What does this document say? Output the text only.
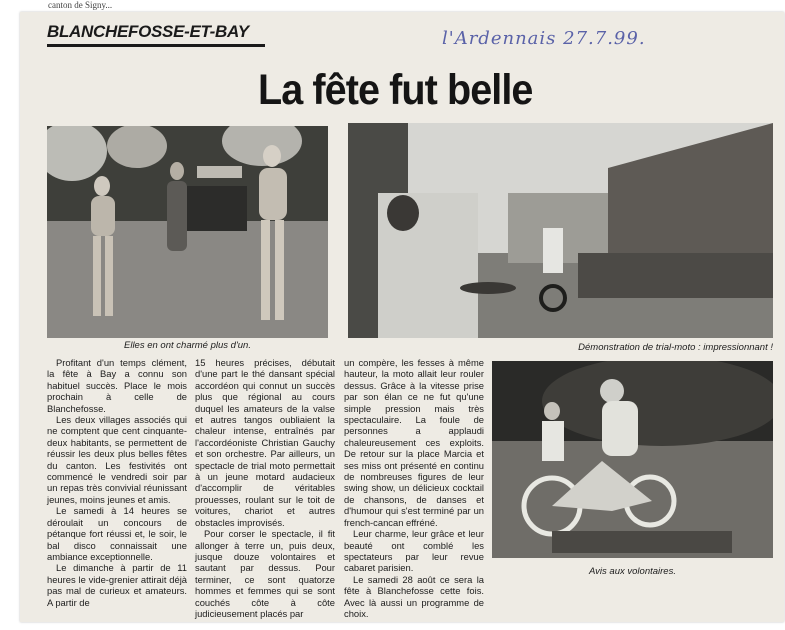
canton de Signy...
BLANCHEFOSSE-ET-BAY	l'Ardennais 27.7.99.
La fête fut belle
Elles en ont charmé plus d'un.	Démonstration de trial-moto : impressionnant !
Avis aux volontaires.

Profitant d'un temps clément, la fête à Bay a connu son habituel succès. Place le mois prochain à celle de Blanchefosse.

Les deux villages associés qui ne comptent que cent cinquante-deux habitants, se permettent de réussir les deux plus belles fêtes du canton. Les festivités ont commencé le vendredi soir par un repas très convivial réunissant jeunes, moins jeunes et amis.

Le samedi à 14 heures se déroulait un concours de pétanque fort réussi et, le soir, le bal disco connaissait une ambiance exceptionnelle.

Le dimanche à partir de 11 heures le vide-grenier attirait déjà pas mal de curieux et amateurs. A partir de

15 heures précises, débutait d'une part le thé dansant spécial accordéon qui connut un succès plus que régional au cours duquel les amateurs de la valse et autres tangos oubliaient la chaleur intense, entraînés par l'accordéoniste Christian Gauchy et son orchestre. Par ailleurs, un spectacle de trial moto permettait à un jeune motard audacieux d'accomplir de véritables prouesses, roulant sur le toit de voitures, chariot et autres obstacles improvisés.

Pour corser le spectacle, il fit allonger à terre un, puis deux, jusque douze volontaires et sautant par dessus. Pour terminer, ce sont quatorze hommes et femmes qui se sont couchés côte à côte judicieusement placés par

un compère, les fesses à même hauteur, la moto allait leur rouler dessus. Grâce à la vitesse prise par son élan ce ne fut qu'une simple pression mais très spectaculaire. La foule de personnes a applaudi chaleureusement ces exploits. De retour sur la place Marcia et ses miss ont présenté en continu de nombreuses figures de leur swing show, un délicieux cocktail de chansons, de danses et d'humour qui s'est terminé par un french-cancan effréné.

Leur charme, leur grâce et leur beauté ont comblé les spectateurs par leur revue cabaret parisien.

Le samedi 28 août ce sera la fête à Blanchefosse cette fois. Avec là aussi un programme de choix.
